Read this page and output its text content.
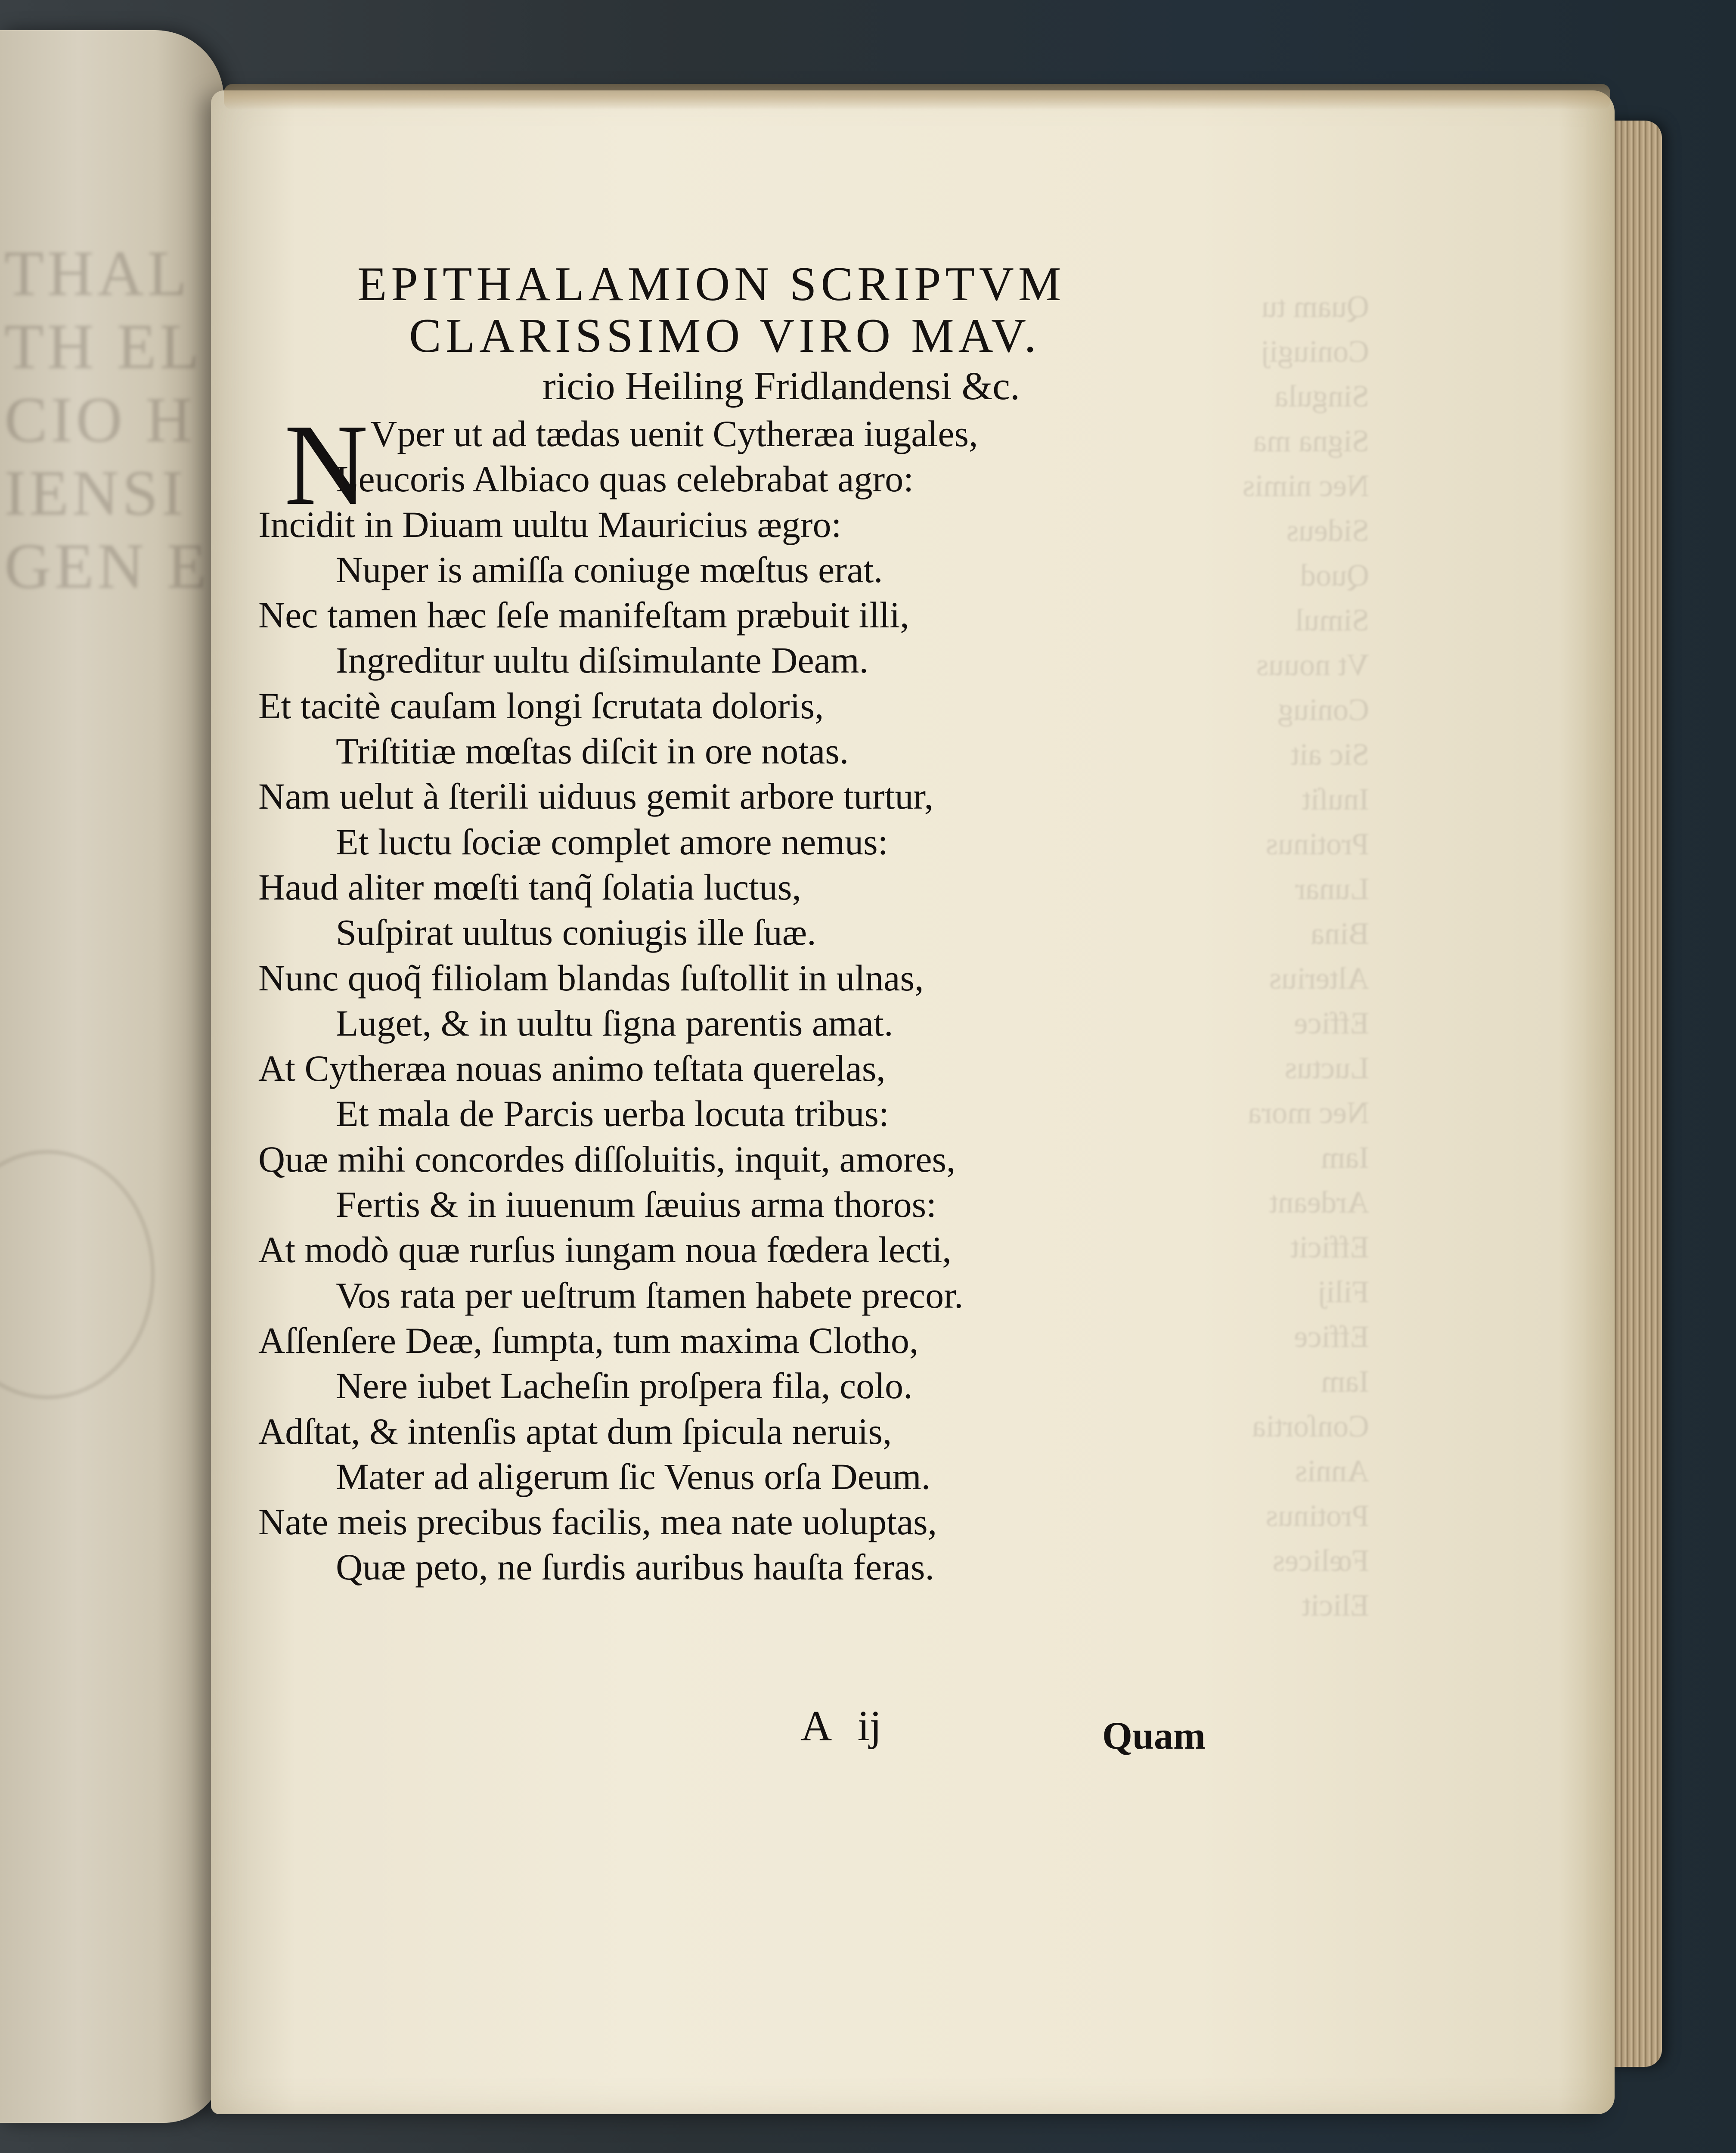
THAL
TH EL
CIO H
IENSI
GEN E
Quam tu
Coniugij
Singula
Signa ma
Nec nimis
Sideus
Quod
Simul
Vt nouus
Coniug
Sic ait
Inuſit
Protinus
Lunar
Bina
Alterius
Effice
Luctus
Nec mora
Iam
Ardeant
Efficit
Filij
Effice
Iam
Conſortia
Annis
Protinus
Fœlices
Elicit
EPITHALAMION SCRIPTVM
CLARISSIMO VIRO MAV.
ricio Heiling Fridlandensi &c.
N Vper ut ad tædas uenit Cytheræa iugales,
Leucoris Albiaco quas celebrabat agro:
Incidit in Diuam uultu Mauricius ægro:
Nuper is amiſſa coniuge mœſtus erat.
Nec tamen hæc ſeſe manifeſtam præbuit illi,
Ingreditur uultu diſsimulante Deam.
Et tacitè cauſam longi ſcrutata doloris,
Triſtitiæ mœſtas diſcit in ore notas.
Nam uelut à ſterili uiduus gemit arbore turtur,
Et luctu ſociæ complet amore nemus:
Haud aliter mœſti tanq̃ ſolatia luctus,
Suſpirat uultus coniugis ille ſuæ.
Nunc quoq̃ filiolam blandas ſuſtollit in ulnas,
Luget, & in uultu ſigna parentis amat.
At Cytheræa nouas animo teſtata querelas,
Et mala de Parcis uerba locuta tribus:
Quæ mihi concordes diſſoluitis, inquit, amores,
Fertis & in iuuenum ſæuius arma thoros:
At modò quæ rurſus iungam noua fœdera lecti,
Vos rata per ueſtrum ſtamen habete precor.
Aſſenſere Deæ, ſumpta, tum maxima Clotho,
Nere iubet Lacheſin proſpera fila, colo.
Adſtat, & intenſis aptat dum ſpicula neruis,
Mater ad aligerum ſic Venus orſa Deum.
Nate meis precibus facilis, mea nate uoluptas,
Quæ peto, ne ſurdis auribus hauſta feras.
A ij	Quam
